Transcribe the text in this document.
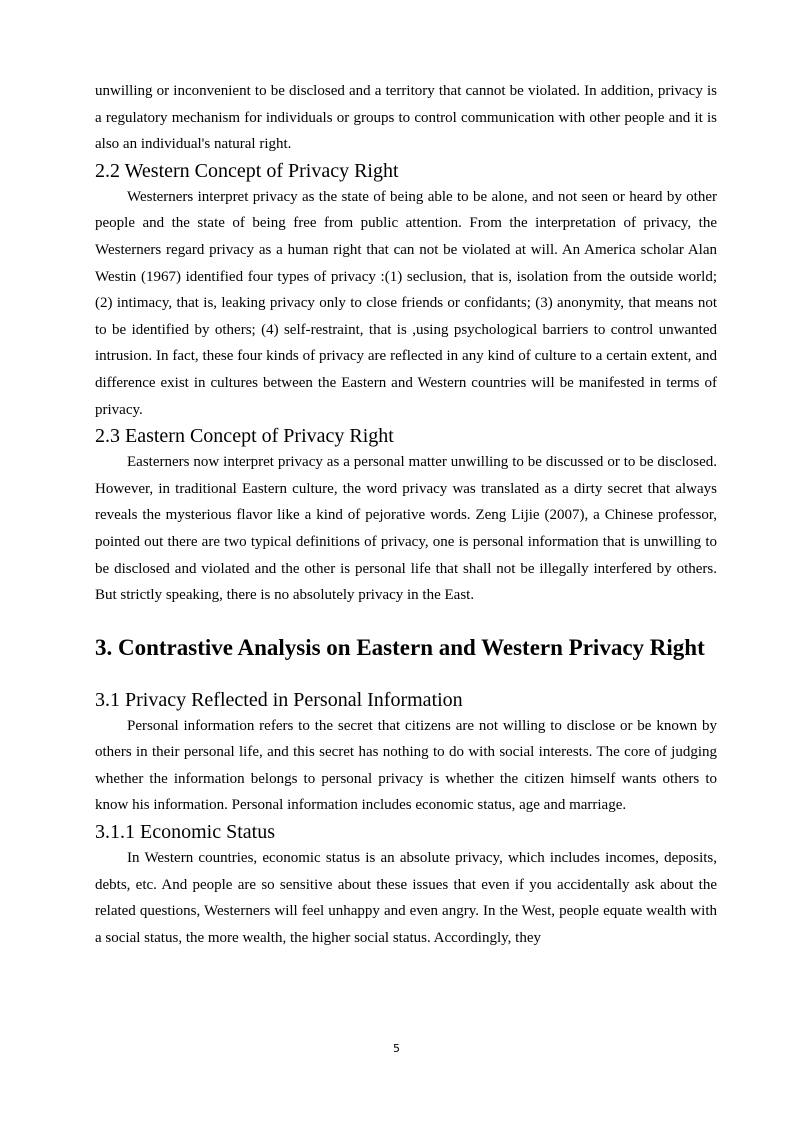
unwilling or inconvenient to be disclosed and a territory that cannot be violated. In addition, privacy is a regulatory mechanism for individuals or groups to control communication with other people and it is also an individual's natural right.

2.2 Western Concept of Privacy Right

Westerners interpret privacy as the state of being able to be alone, and not seen or heard by other people and the state of being free from public attention. From the interpretation of privacy, the Westerners regard privacy as a human right that can not be violated at will. An America scholar Alan Westin (1967) identified four types of privacy :(1) seclusion, that is, isolation from the outside world; (2) intimacy, that is, leaking privacy only to close friends or confidants; (3) anonymity, that means not to be identified by others; (4) self-restraint, that is ,using psychological barriers to control unwanted intrusion. In fact, these four kinds of privacy are reflected in any kind of culture to a certain extent, and difference exist in cultures between the Eastern and Western countries will be manifested in terms of privacy.

2.3 Eastern Concept of Privacy Right

Easterners now interpret privacy as a personal matter unwilling to be discussed or to be disclosed. However, in traditional Eastern culture, the word privacy was translated as a dirty secret that always reveals the mysterious flavor like a kind of pejorative words. Zeng Lijie (2007), a Chinese professor, pointed out there are two typical definitions of privacy, one is personal information that is unwilling to be disclosed and violated and the other is personal life that shall not be illegally interfered by others. But strictly speaking, there is no absolutely privacy in the East.

3. Contrastive Analysis on Eastern and Western Privacy Right
3.1 Privacy Reflected in Personal Information

Personal information refers to the secret that citizens are not willing to disclose or be known by others in their personal life, and this secret has nothing to do with social interests. The core of judging whether the information belongs to personal privacy is whether the citizen himself wants others to know his information. Personal information includes economic status, age and marriage.

3.1.1 Economic Status

In Western countries, economic status is an absolute privacy, which includes incomes, deposits, debts, etc. And people are so sensitive about these issues that even if you accidentally ask about the related questions, Westerners will feel unhappy and even angry. In the West, people equate wealth with a social status, the more wealth, the higher social status. Accordingly, they

5
